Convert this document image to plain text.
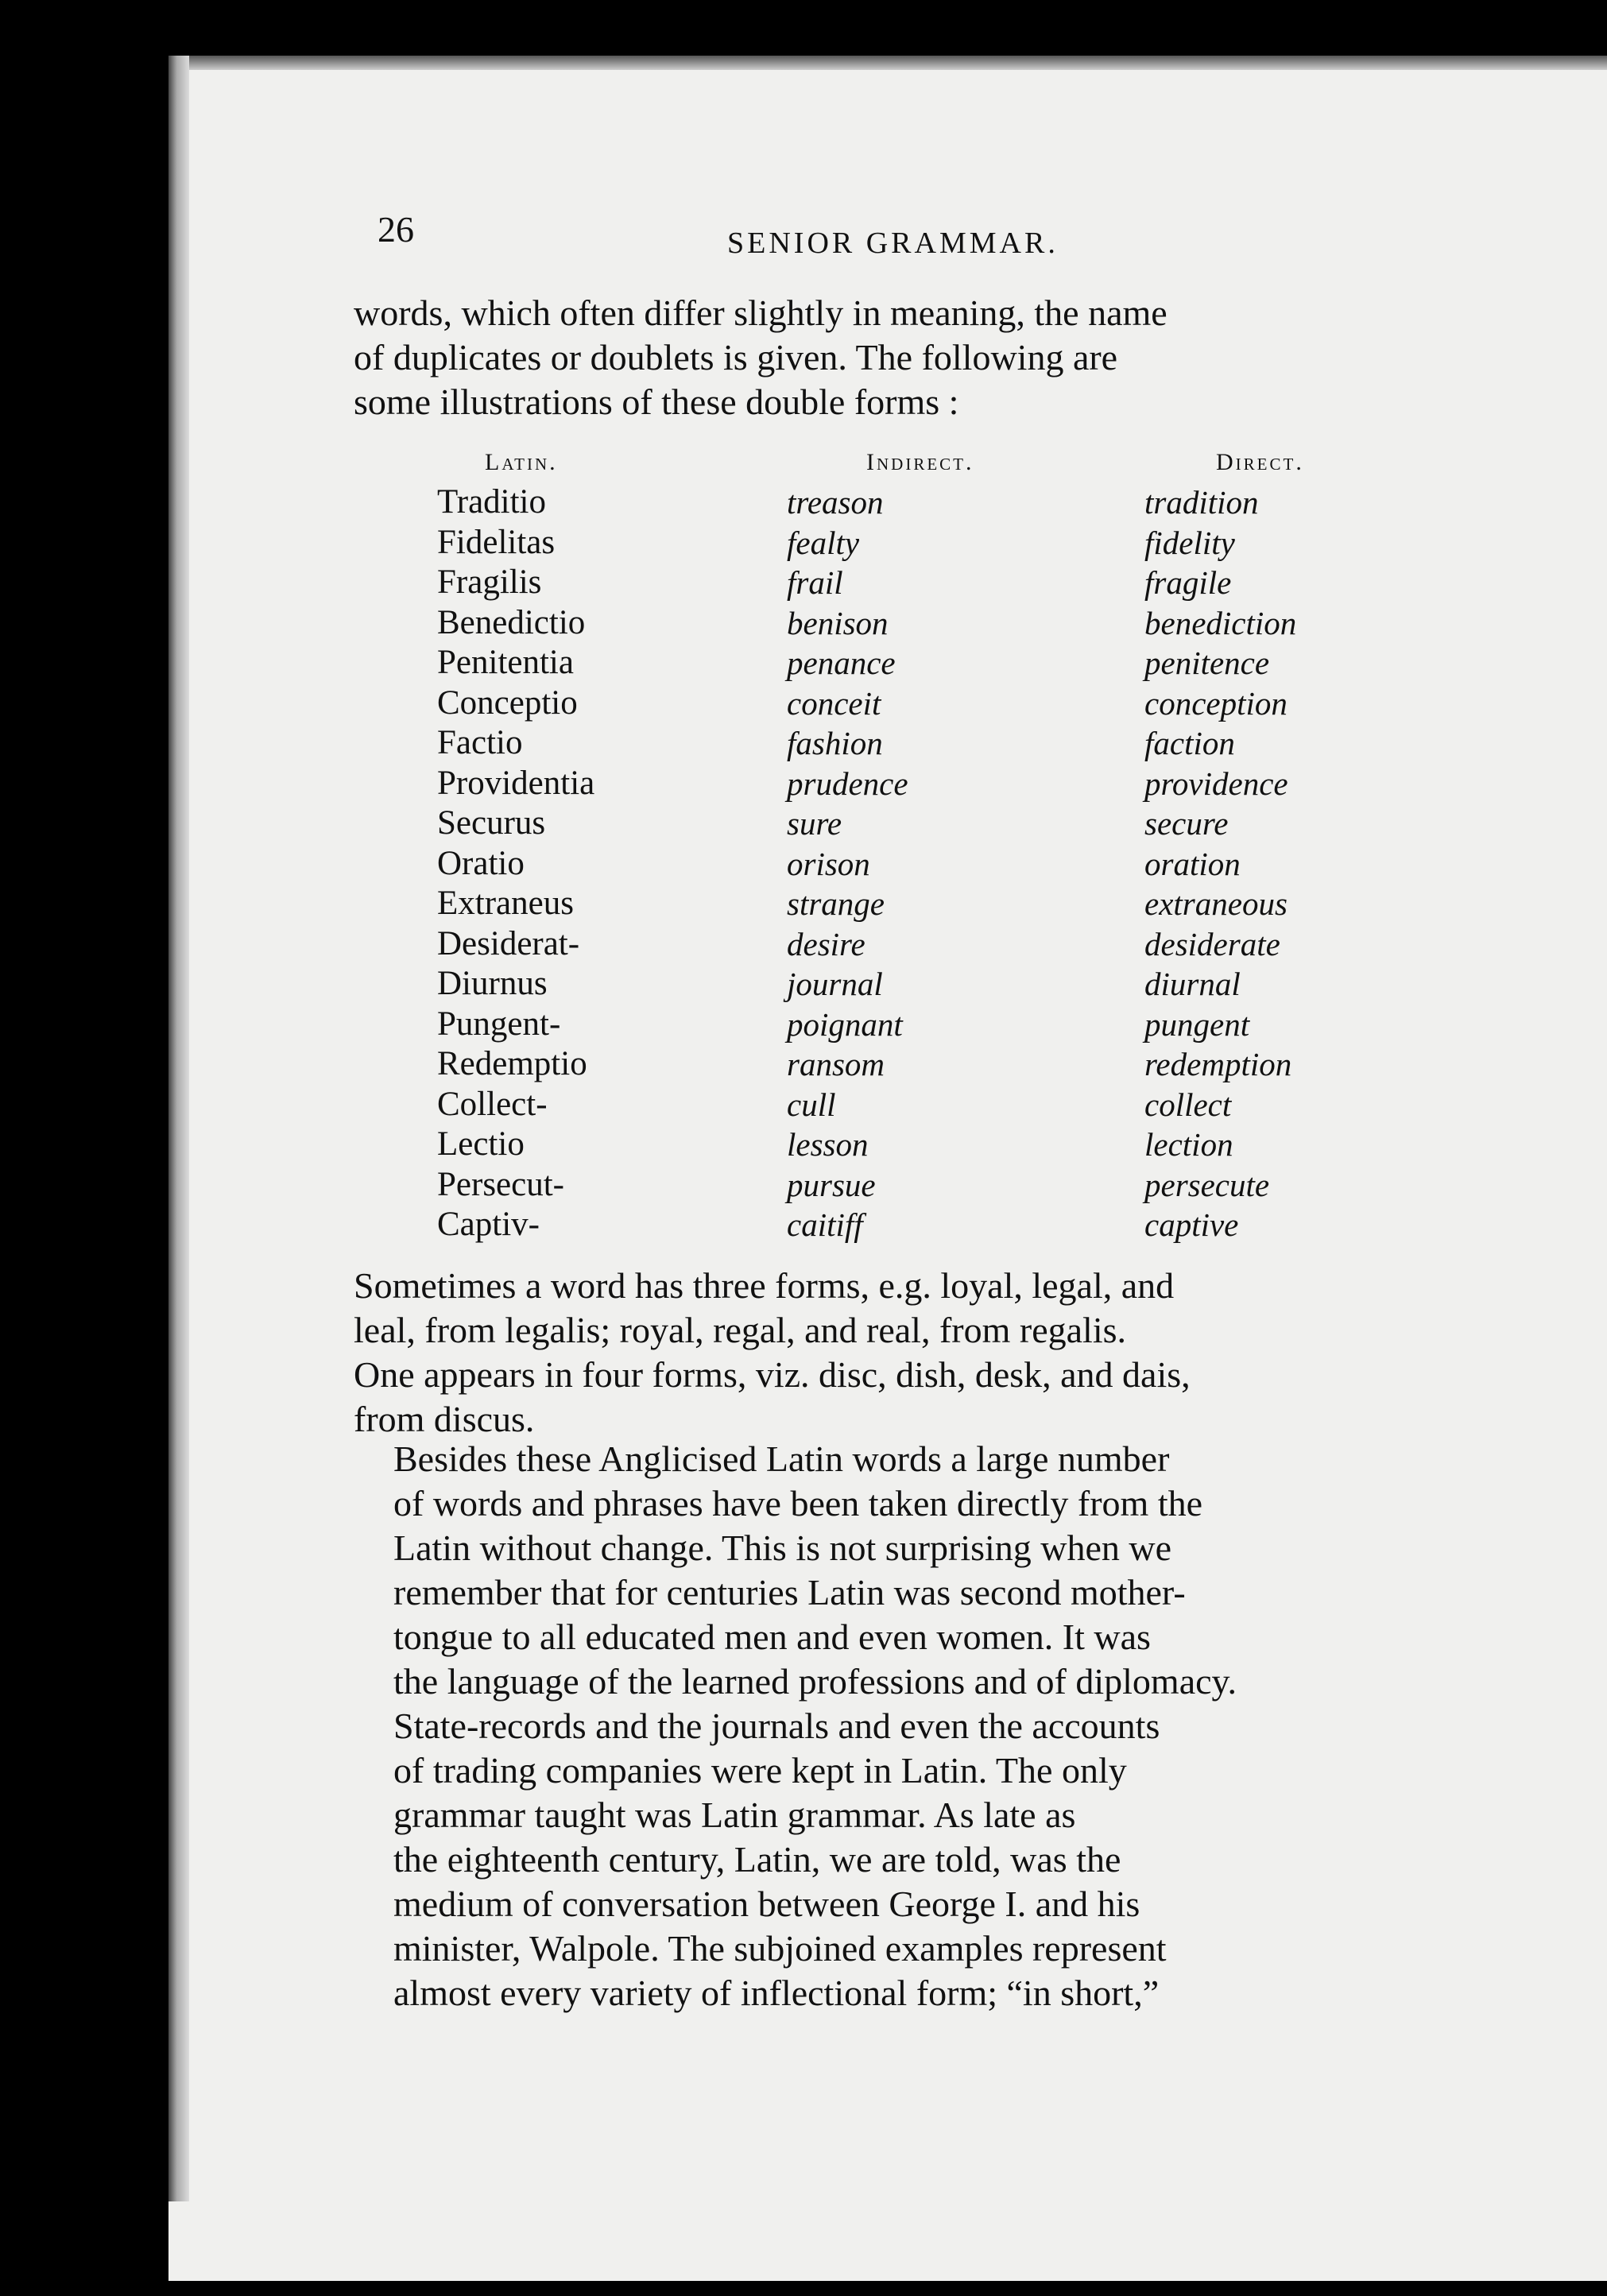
26	SENIOR GRAMMAR.
words, which often differ slightly in meaning, the name
of duplicates or doublets is given. The following are
some illustrations of these double forms :
Latin.
Traditio
Fidelitas
Fragilis
Benedictio
Penitentia
Conceptio
Factio
Providentia
Securus
Oratio
Extraneus
Desiderat-
Diurnus
Pungent-
Redemptio
Collect-
Lectio
Persecut-
Captiv-
Indirect.
treason
fealty
frail
benison
penance
conceit
fashion
prudence
sure
orison
strange
desire
journal
poignant
ransom
cull
lesson
pursue
caitiff
Direct.
tradition
fidelity
fragile
benediction
penitence
conception
faction
providence
secure
oration
extraneous
desiderate
diurnal
pungent
redemption
collect
lection
persecute
captive
Sometimes a word has three forms, e.g. loyal, legal, and
leal, from legalis; royal, regal, and real, from regalis.
One appears in four forms, viz. disc, dish, desk, and dais,
from discus.
Besides these Anglicised Latin words a large number
of words and phrases have been taken directly from the
Latin without change. This is not surprising when we
remember that for centuries Latin was second mother-
tongue to all educated men and even women. It was
the language of the learned professions and of diplomacy.
State-records and the journals and even the accounts
of trading companies were kept in Latin. The only
grammar taught was Latin grammar. As late as
the eighteenth century, Latin, we are told, was the
medium of conversation between George I. and his
minister, Walpole. The subjoined examples represent
almost every variety of inflectional form; “in short,”
